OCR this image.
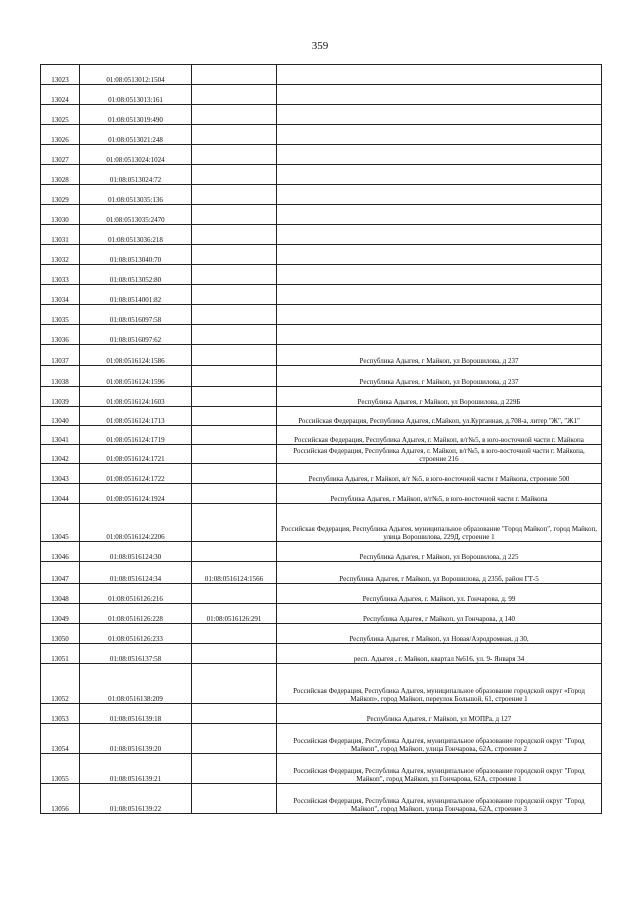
359
13023	01:08:0513012:1504		
13024	01:08:0513013:161		
13025	01:08:0513019:490		
13026	01:08:0513021:248		
13027	01:08:0513024:1024		
13028	01:08:0513024:72		
13029	01:08:0513035:136		
13030	01:08:0513035:2470		
13031	01:08:0513036:218		
13032	01:08:0513040:70		
13033	01:08:0513052:80		
13034	01:08:0514001:82		
13035	01:08:0516097:58		
13036	01:08:0516097:62		
13037	01:08:0516124:1586		Республика Адыгея, г Майкоп, ул Ворошилова, д 237
13038	01:08:0516124:1596		Республика Адыгея, г Майкоп, ул Ворошилова, д 237
13039	01:08:0516124:1603		Республика Адыгея, г Майкоп, ул Ворошилова, д 229Б
13040	01:08:0516124:1713		Российская Федерация, Республика Адыгея, г.Майкоп, ул.Курганная, д.708-а, литер "Ж", "Ж1"
13041	01:08:0516124:1719		Российская Федерация, Республика Адыгея, г. Майкоп, в/г№5, в юго-восточной части г. Майкопа
13042	01:08:0516124:1721		Российская Федерация, Республика Адыгея, г. Майкоп, в/г№5, в юго-восточной части г. Майкопа, строение 216
13043	01:08:0516124:1722		Республика Адыгея, г Майкоп, в/г №5, в юго-восточной части г Майкопа, строение 500
13044	01:08:0516124:1924		Республика Адыгея, г Майкоп, в/г№5, в юго-восточной части г. Майкопа
13045	01:08:0516124:2206		Российская Федерация, Республика Адыгея, муниципальное образование "Город Майкоп", город Майкоп, улица Ворошилова, 229Д, строение 1
13046	01:08:0516124:30		Республика Адыгея, г Майкоп, ул Ворошилова, д 225
13047	01:08:0516124:34	01:08:0516124:1566	Республика Адыгея, г Майкоп, ул Ворошилова, д 235б, район ГТ-5
13048	01:08:0516126:216		Республика Адыгея, г. Майкоп, ул. Гончарова, д. 99
13049	01:08:0516126:228	01:08:0516126:291	Республика Адыгея, г Майкоп, ул Гончарова, д 140
13050	01:08:0516126:233		Республика Адыгея, г Майкоп, ул Новая/Аэродромная, д 30,
13051	01:08:0516137:58		респ. Адыгея , г. Майкоп, квартал №616, ул. 9- Января 34
13052	01:08:0516138:209		Российская Федерация, Республика Адыгея, муниципальное образование городской округ «Город Майкоп», город Майкоп, переулок Большой, 61, строение 1
13053	01:08:0516139:18		Республика Адыгея, г Майкоп, ул МОПРа, д 127
13054	01:08:0516139:20		Российская Федерация, Республика Адыгея, муниципальное образование городской округ "Город Майкоп", город Майкоп, улица Гончарова, 62А, строение 2
13055	01:08:0516139:21		Российская Федерация, Республика Адыгея, муниципальное образование городской округ "Город Майкоп", город Майкоп, ул Гончарова, 62А, строение 1
13056	01:08:0516139:22		Российская Федерация, Республика Адыгея, муниципальное образование городской округ "Город Майкоп", город Майкоп, улица Гончарова, 62А, строение 3
